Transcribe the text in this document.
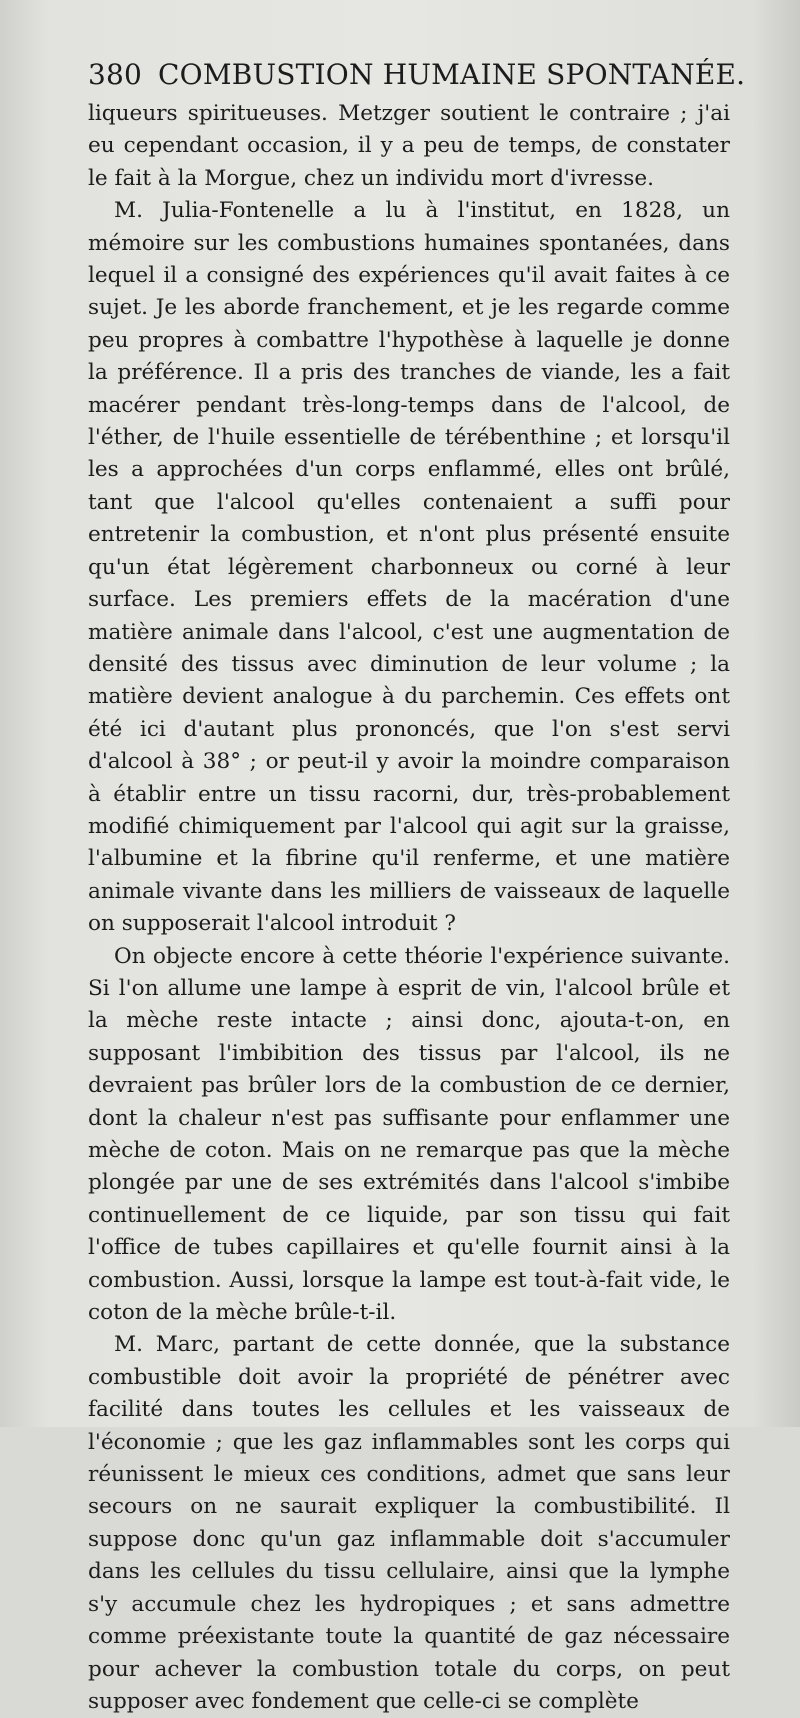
380 COMBUSTION HUMAINE SPONTANÉE.

liqueurs spiritueuses. Metzger soutient le contraire ; j'ai eu cependant occasion, il y a peu de temps, de constater le fait à la Morgue, chez un individu mort d'ivresse.

M. Julia-Fontenelle a lu à l'institut, en 1828, un mémoire sur les combustions humaines spontanées, dans lequel il a consigné des expériences qu'il avait faites à ce sujet. Je les aborde franchement, et je les regarde comme peu propres à combattre l'hypothèse à laquelle je donne la préférence. Il a pris des tranches de viande, les a fait macérer pendant très-long-temps dans de l'alcool, de l'éther, de l'huile essentielle de térébenthine ; et lorsqu'il les a approchées d'un corps enflammé, elles ont brûlé, tant que l'alcool qu'elles contenaient a suffi pour entretenir la combustion, et n'ont plus présenté ensuite qu'un état légèrement charbonneux ou corné à leur surface. Les premiers effets de la macération d'une matière animale dans l'alcool, c'est une augmentation de densité des tissus avec diminution de leur volume ; la matière devient analogue à du parchemin. Ces effets ont été ici d'autant plus prononcés, que l'on s'est servi d'alcool à 38° ; or peut-il y avoir la moindre comparaison à établir entre un tissu racorni, dur, très-probablement modifié chimiquement par l'alcool qui agit sur la graisse, l'albumine et la fibrine qu'il renferme, et une matière animale vivante dans les milliers de vaisseaux de laquelle on supposerait l'alcool introduit ?

On objecte encore à cette théorie l'expérience suivante. Si l'on allume une lampe à esprit de vin, l'alcool brûle et la mèche reste intacte ; ainsi donc, ajouta-t-on, en supposant l'imbibition des tissus par l'alcool, ils ne devraient pas brûler lors de la combustion de ce dernier, dont la chaleur n'est pas suffisante pour enflammer une mèche de coton. Mais on ne remarque pas que la mèche plongée par une de ses extrémités dans l'alcool s'imbibe continuellement de ce liquide, par son tissu qui fait l'office de tubes capillaires et qu'elle fournit ainsi à la combustion. Aussi, lorsque la lampe est tout-à-fait vide, le coton de la mèche brûle-t-il.

M. Marc, partant de cette donnée, que la substance combustible doit avoir la propriété de pénétrer avec facilité dans toutes les cellules et les vaisseaux de l'économie ; que les gaz inflammables sont les corps qui réunissent le mieux ces conditions, admet que sans leur secours on ne saurait expliquer la combustibilité. Il suppose donc qu'un gaz inflammable doit s'accumuler dans les cellules du tissu cellulaire, ainsi que la lymphe s'y accumule chez les hydropiques ; et sans admettre comme préexistante toute la quantité de gaz nécessaire pour achever la combustion totale du corps, on peut supposer avec fondement que celle-ci se complète
